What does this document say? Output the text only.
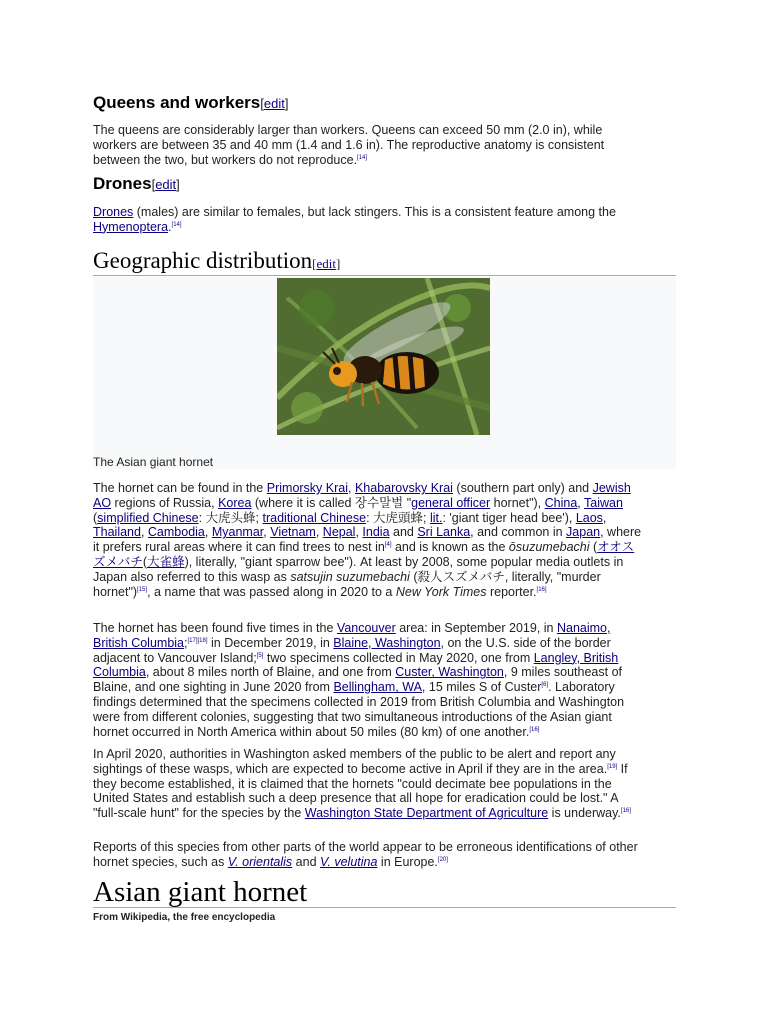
Queens and workers[edit]

The queens are considerably larger than workers. Queens can exceed 50 mm (2.0 in), while workers are between 35 and 40 mm (1.4 and 1.6 in). The reproductive anatomy is consistent between the two, but workers do not reproduce.[14]

Drones[edit]

Drones (males) are similar to females, but lack stingers. This is a consistent feature among the Hymenoptera.[14]

Geographic distribution[edit]
The Asian giant hornet

The hornet can be found in the Primorsky Krai, Khabarovsky Krai (southern part only) and Jewish AO regions of Russia, Korea (where it is called 장수말벌 "general officer hornet"), China, Taiwan (simplified Chinese: 大虎头蜂; traditional Chinese: 大虎頭蜂; lit.: 'giant tiger head bee'), Laos, Thailand, Cambodia, Myanmar, Vietnam, Nepal, India and Sri Lanka, and common in Japan, where it prefers rural areas where it can find trees to nest in[4] and is known as the ōsuzumebachi (オオスズメバチ(大雀蜂), literally, "giant sparrow bee"). At least by 2008, some popular media outlets in Japan also referred to this wasp as satsujin suzumebachi (殺人スズメバチ, literally, "murder hornet")[15], a name that was passed along in 2020 to a New York Times reporter.[16]

The hornet has been found five times in the Vancouver area: in September 2019, in Nanaimo, British Columbia;[17][18] in December 2019, in Blaine, Washington, on the U.S. side of the border adjacent to Vancouver Island;[5] two specimens collected in May 2020, one from Langley, British Columbia, about 8 miles north of Blaine, and one from Custer, Washington, 9 miles southeast of Blaine, and one sighting in June 2020 from Bellingham, WA, 15 miles S of Custer[6]. Laboratory findings determined that the specimens collected in 2019 from British Columbia and Washington were from different colonies, suggesting that two simultaneous introductions of the Asian giant hornet occurred in North America within about 50 miles (80 km) of one another.[16]

In April 2020, authorities in Washington asked members of the public to be alert and report any sightings of these wasps, which are expected to become active in April if they are in the area.[19] If they become established, it is claimed that the hornets "could decimate bee populations in the United States and establish such a deep presence that all hope for eradication could be lost." A "full-scale hunt" for the species by the Washington State Department of Agriculture is underway.[16]

Reports of this species from other parts of the world appear to be erroneous identifications of other hornet species, such as V. orientalis and V. velutina in Europe.[20]

Asian giant hornet
From Wikipedia, the free encyclopedia
